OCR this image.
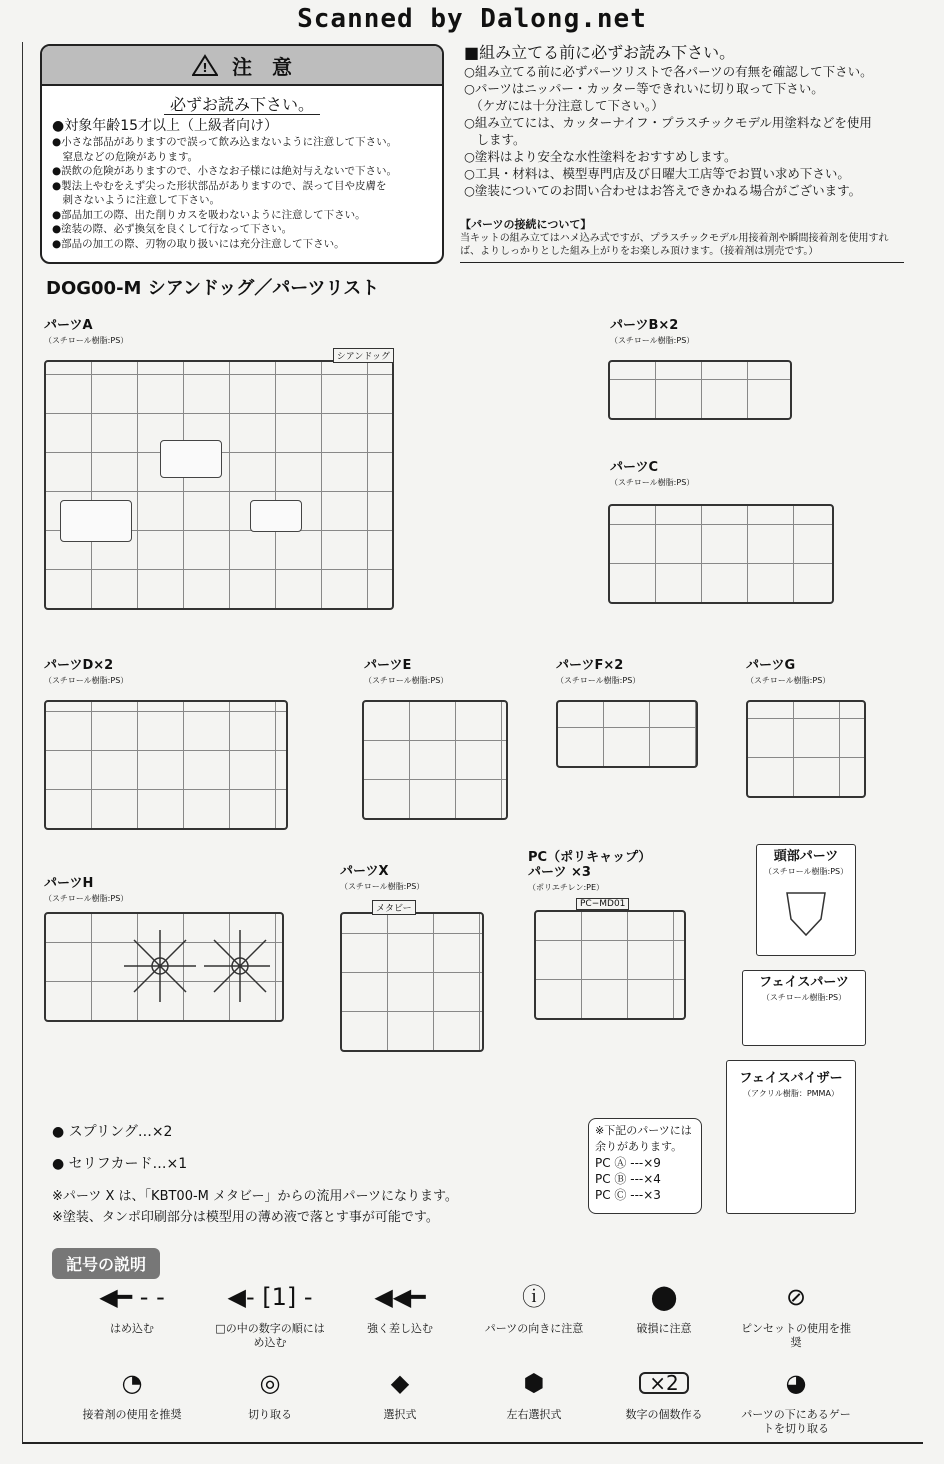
Scanned by Dalong.net
! 注　意
必ずお読み下さい。
●対象年齢15才以上（上級者向け）
●小さな部品がありますので誤って飲み込まないように注意して下さい。
　窒息などの危険があります。
●誤飲の危険がありますので、小さなお子様には絶対与えないで下さい。
●製法上やむをえず尖った形状部品がありますので、誤って目や皮膚を
　刺さないように注意して下さい。
●部品加工の際、出た削りカスを吸わないように注意して下さい。
●塗装の際、必ず換気を良くして行なって下さい。
●部品の加工の際、刃物の取り扱いには充分注意して下さい。
■組み立てる前に必ずお読み下さい。

○組み立てる前に必ずパーツリストで各パーツの有無を確認して下さい。

○パーツはニッパー・カッター等できれいに切り取って下さい。

　（ケガには十分注意して下さい。）

○組み立てには、カッターナイフ・プラスチックモデル用塗料などを使用

　します。

○塗料はより安全な水性塗料をおすすめします。

○工具・材料は、模型専門店及び日曜大工店等でお買い求め下さい。

○塗装についてのお問い合わせはお答えできかねる場合がございます。

【パーツの接続について】
当キットの組み立てはハメ込み式ですが、プラスチックモデル用接着剤や瞬間接着剤を使用すれば、よりしっかりとした組み上がりをお楽しみ頂けます。（接着剤は別売です。）
DOG00-M シアンドッグ／パーツリスト
パーツA
（スチロール樹脂:PS）
パーツB×2
（スチロール樹脂:PS）
パーツC
（スチロール樹脂:PS）
パーツD×2
（スチロール樹脂:PS）
パーツE
（スチロール樹脂:PS）
パーツF×2
（スチロール樹脂:PS）
パーツG
（スチロール樹脂:PS）
パーツH
（スチロール樹脂:PS）
パーツX
（スチロール樹脂:PS）
PC（ポリキャップ）パーツ ×3
（ポリエチレン:PE）
シアンドッグ
メタビー	PC−MD01
頭部パーツ
（スチロール樹脂:PS）
フェイスパーツ
（スチロール樹脂:PS）
フェイスバイザー
（アクリル樹脂：PMMA）
● スプリング…×2
● セリフカード…×1
※パーツ X は、「KBT00-M メタビー」からの流用パーツになります。
※塗装、タンポ印刷部分は模型用の薄め液で落とす事が可能です。
※下記のパーツには余りがあります。
PC Ⓐ ---×9
PC Ⓑ ---×4
PC Ⓒ ---×3
記号の説明
◀━ ‐ ‐
はめ込む
◀‐ [1] ‐
□の中の数字の順にはめ込む
◀◀━
強く差し込む
ⓘ
パーツの向きに注意
⬤
破損に注意
⊘
ピンセットの使用を推奨
◔
接着剤の使用を推奨
◎
切り取る
◆
選択式
⬢
左右選択式
×2
数字の個数作る
◕
パーツの下にあるゲートを切り取る
